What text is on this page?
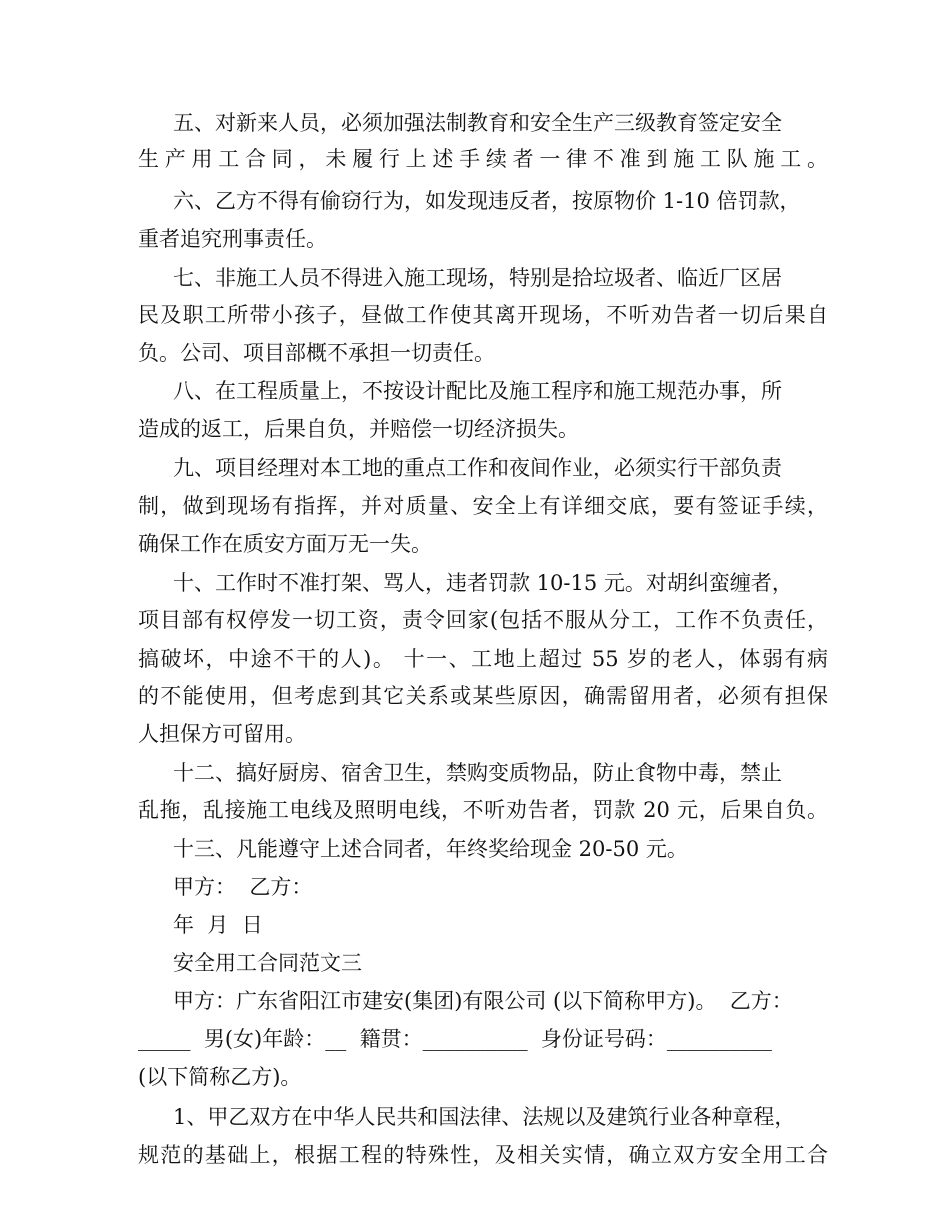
五、对新来人员，必须加强法制教育和安全生产三级教育签定安全
生产用工合同，未履行上述手续者一律不准到施工队施工。
六、乙方不得有偷窃行为，如发现违反者，按原物价 1-10 倍罚款，
重者追究刑事责任。
七、非施工人员不得进入施工现场，特别是拾垃圾者、临近厂区居
民及职工所带小孩子，昼做工作使其离开现场，不听劝告者一切后果自
负。公司、项目部概不承担一切责任。
八、在工程质量上，不按设计配比及施工程序和施工规范办事，所
造成的返工，后果自负，并赔偿一切经济损失。
九、项目经理对本工地的重点工作和夜间作业，必须实行干部负责
制，做到现场有指挥，并对质量、安全上有详细交底，要有签证手续，
确保工作在质安方面万无一失。
十、工作时不准打架、骂人，违者罚款 10-15 元。对胡纠蛮缠者，
项目部有权停发一切工资，责令回家(包括不服从分工，工作不负责任，
搞破坏，中途不干的人)。 十一、工地上超过 55 岁的老人，体弱有病
的不能使用，但考虑到其它关系或某些原因，确需留用者，必须有担保
人担保方可留用。
十二、搞好厨房、宿舍卫生，禁购变质物品，防止食物中毒，禁止
乱拖，乱接施工电线及照明电线，不听劝告者，罚款 20 元，后果自负。
十三、凡能遵守上述合同者，年终奖给现金 20-50 元。
甲方：  乙方：
年  月  日
安全用工合同范文三
甲方：广东省阳江市建安(集团)有限公司 (以下简称甲方)。  乙方：
_____  男(女)年龄：__  籍贯：__________  身份证号码：__________
(以下简称乙方)。
1、甲乙双方在中华人民共和国法律、法规以及建筑行业各种章程，
规范的基础上，根据工程的特殊性，及相关实情，确立双方安全用工合
